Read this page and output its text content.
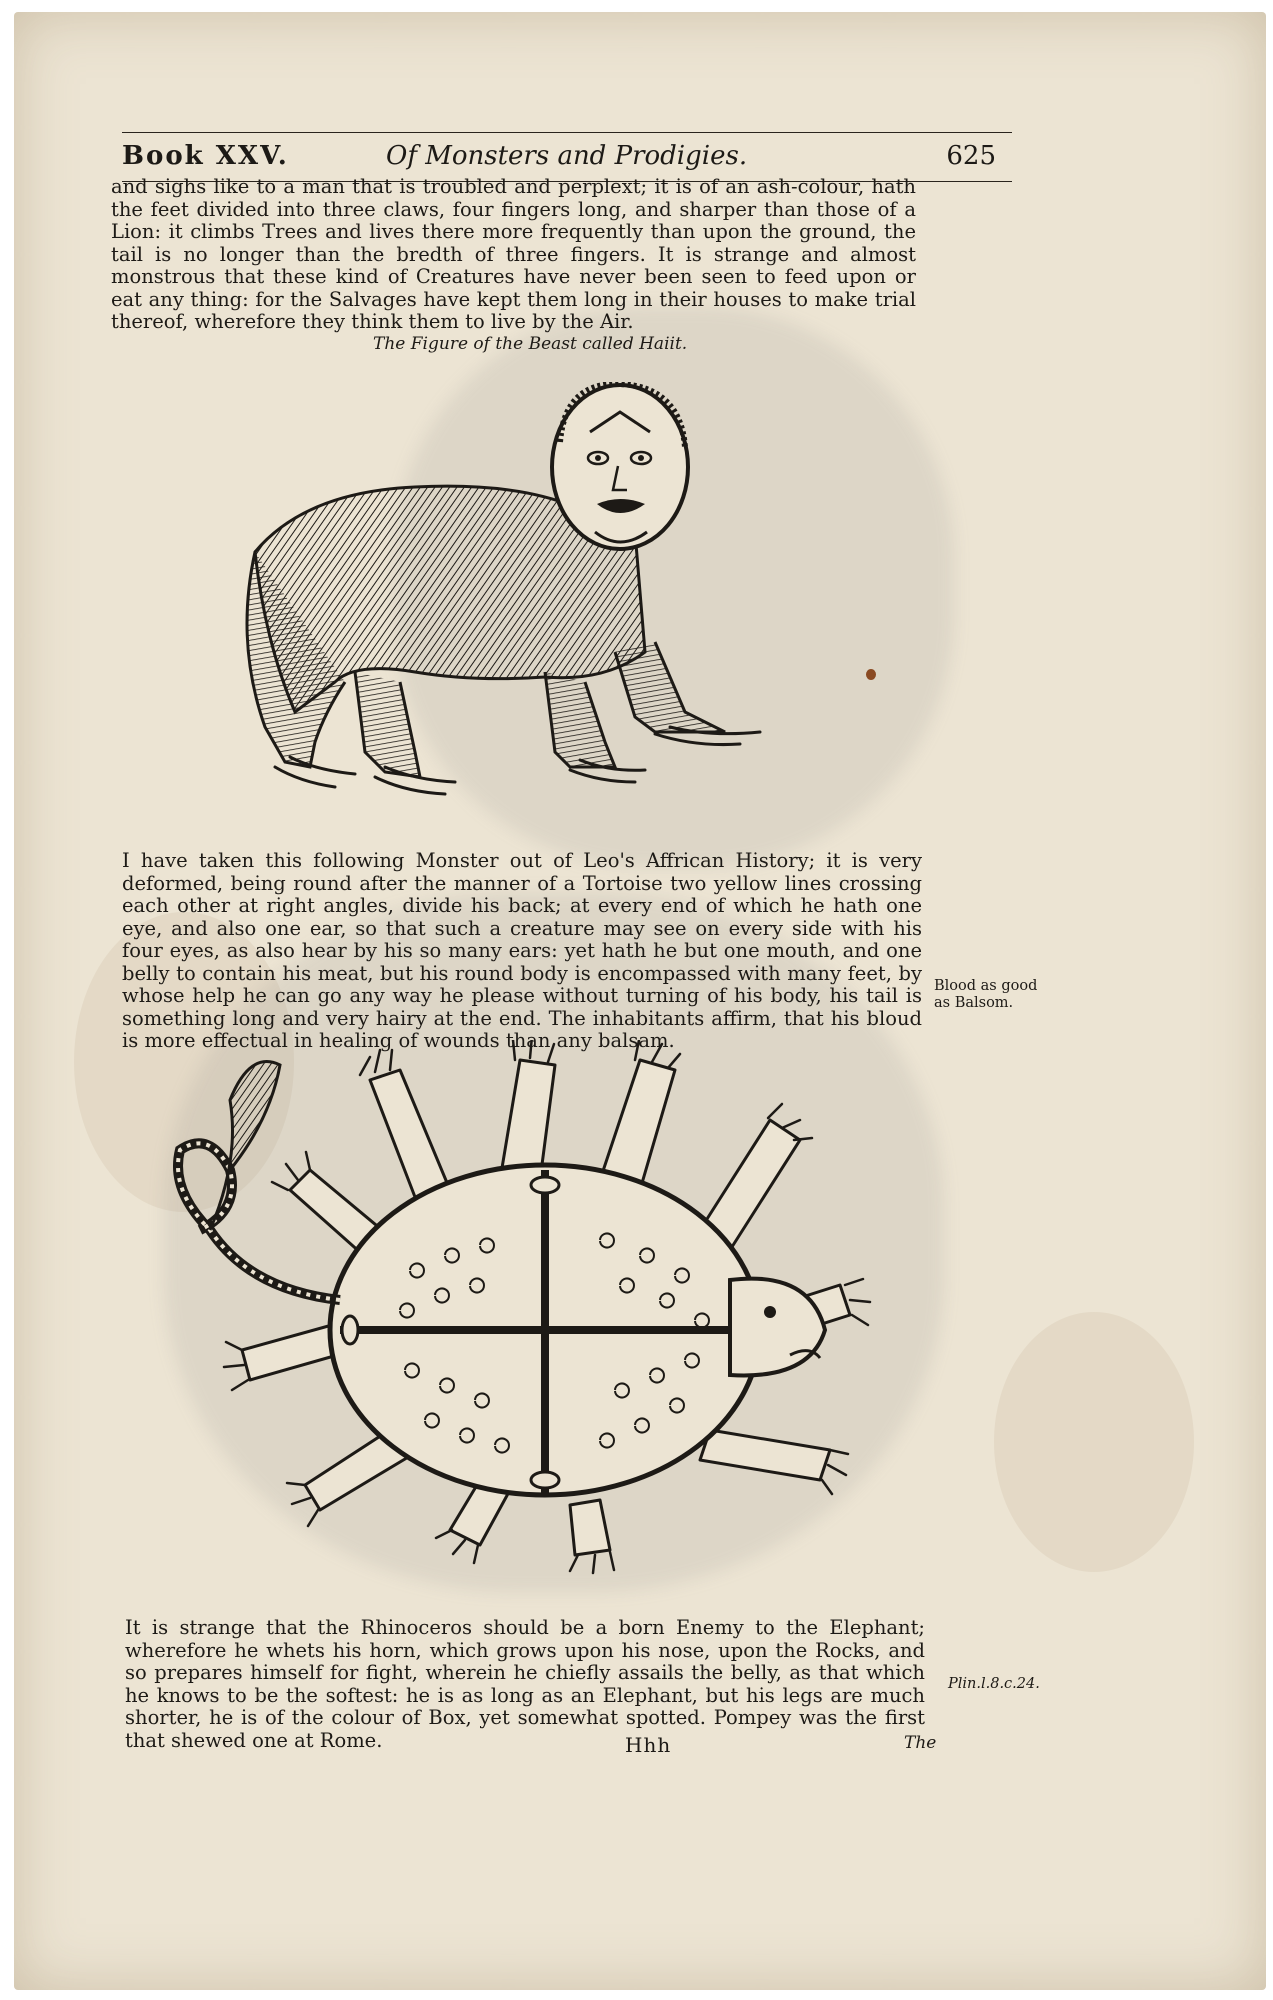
Book XXV.	Of Monsters and Prodigies.	625

and sighs like to a man that is troubled and perplext; it is of an ash-colour, hath the feet divided into three claws, four fingers long, and sharper than those of a Lion: it climbs Trees and lives there more frequently than upon the ground, the tail is no longer than the bredth of three fingers. It is strange and almost monstrous that these kind of Creatures have never been seen to feed upon or eat any thing: for the Salvages have kept them long in their houses to make trial thereof, wherefore they think them to live by the Air.

The Figure of the Beast called Haiit.

I have taken this following Monster out of Leo's Affrican History; it is very deformed, being round after the manner of a Tortoise two yellow lines crossing each other at right angles, divide his back; at every end of which he hath one eye, and also one ear, so that such a creature may see on every side with his four eyes, as also hear by his so many ears: yet hath he but one mouth, and one belly to contain his meat, but his round body is encompassed with many feet, by whose help he can go any way he please without turning of his body, his tail is something long and very hairy at the end. The inhabitants affirm, that his bloud is more effectual in healing of wounds than any balsam.

Blood as good
as Balsom.

It is strange that the Rhinoceros should be a born Enemy to the Elephant; wherefore he whets his horn, which grows upon his nose, upon the Rocks, and so prepares himself for fight, wherein he chiefly assails the belly, as that which he knows to be the softest: he is as long as an Elephant, but his legs are much shorter, he is of the colour of Box, yet somewhat spotted. Pompey was the first that shewed one at Rome.

Plin.l.8.c.24.
Hhh	The
